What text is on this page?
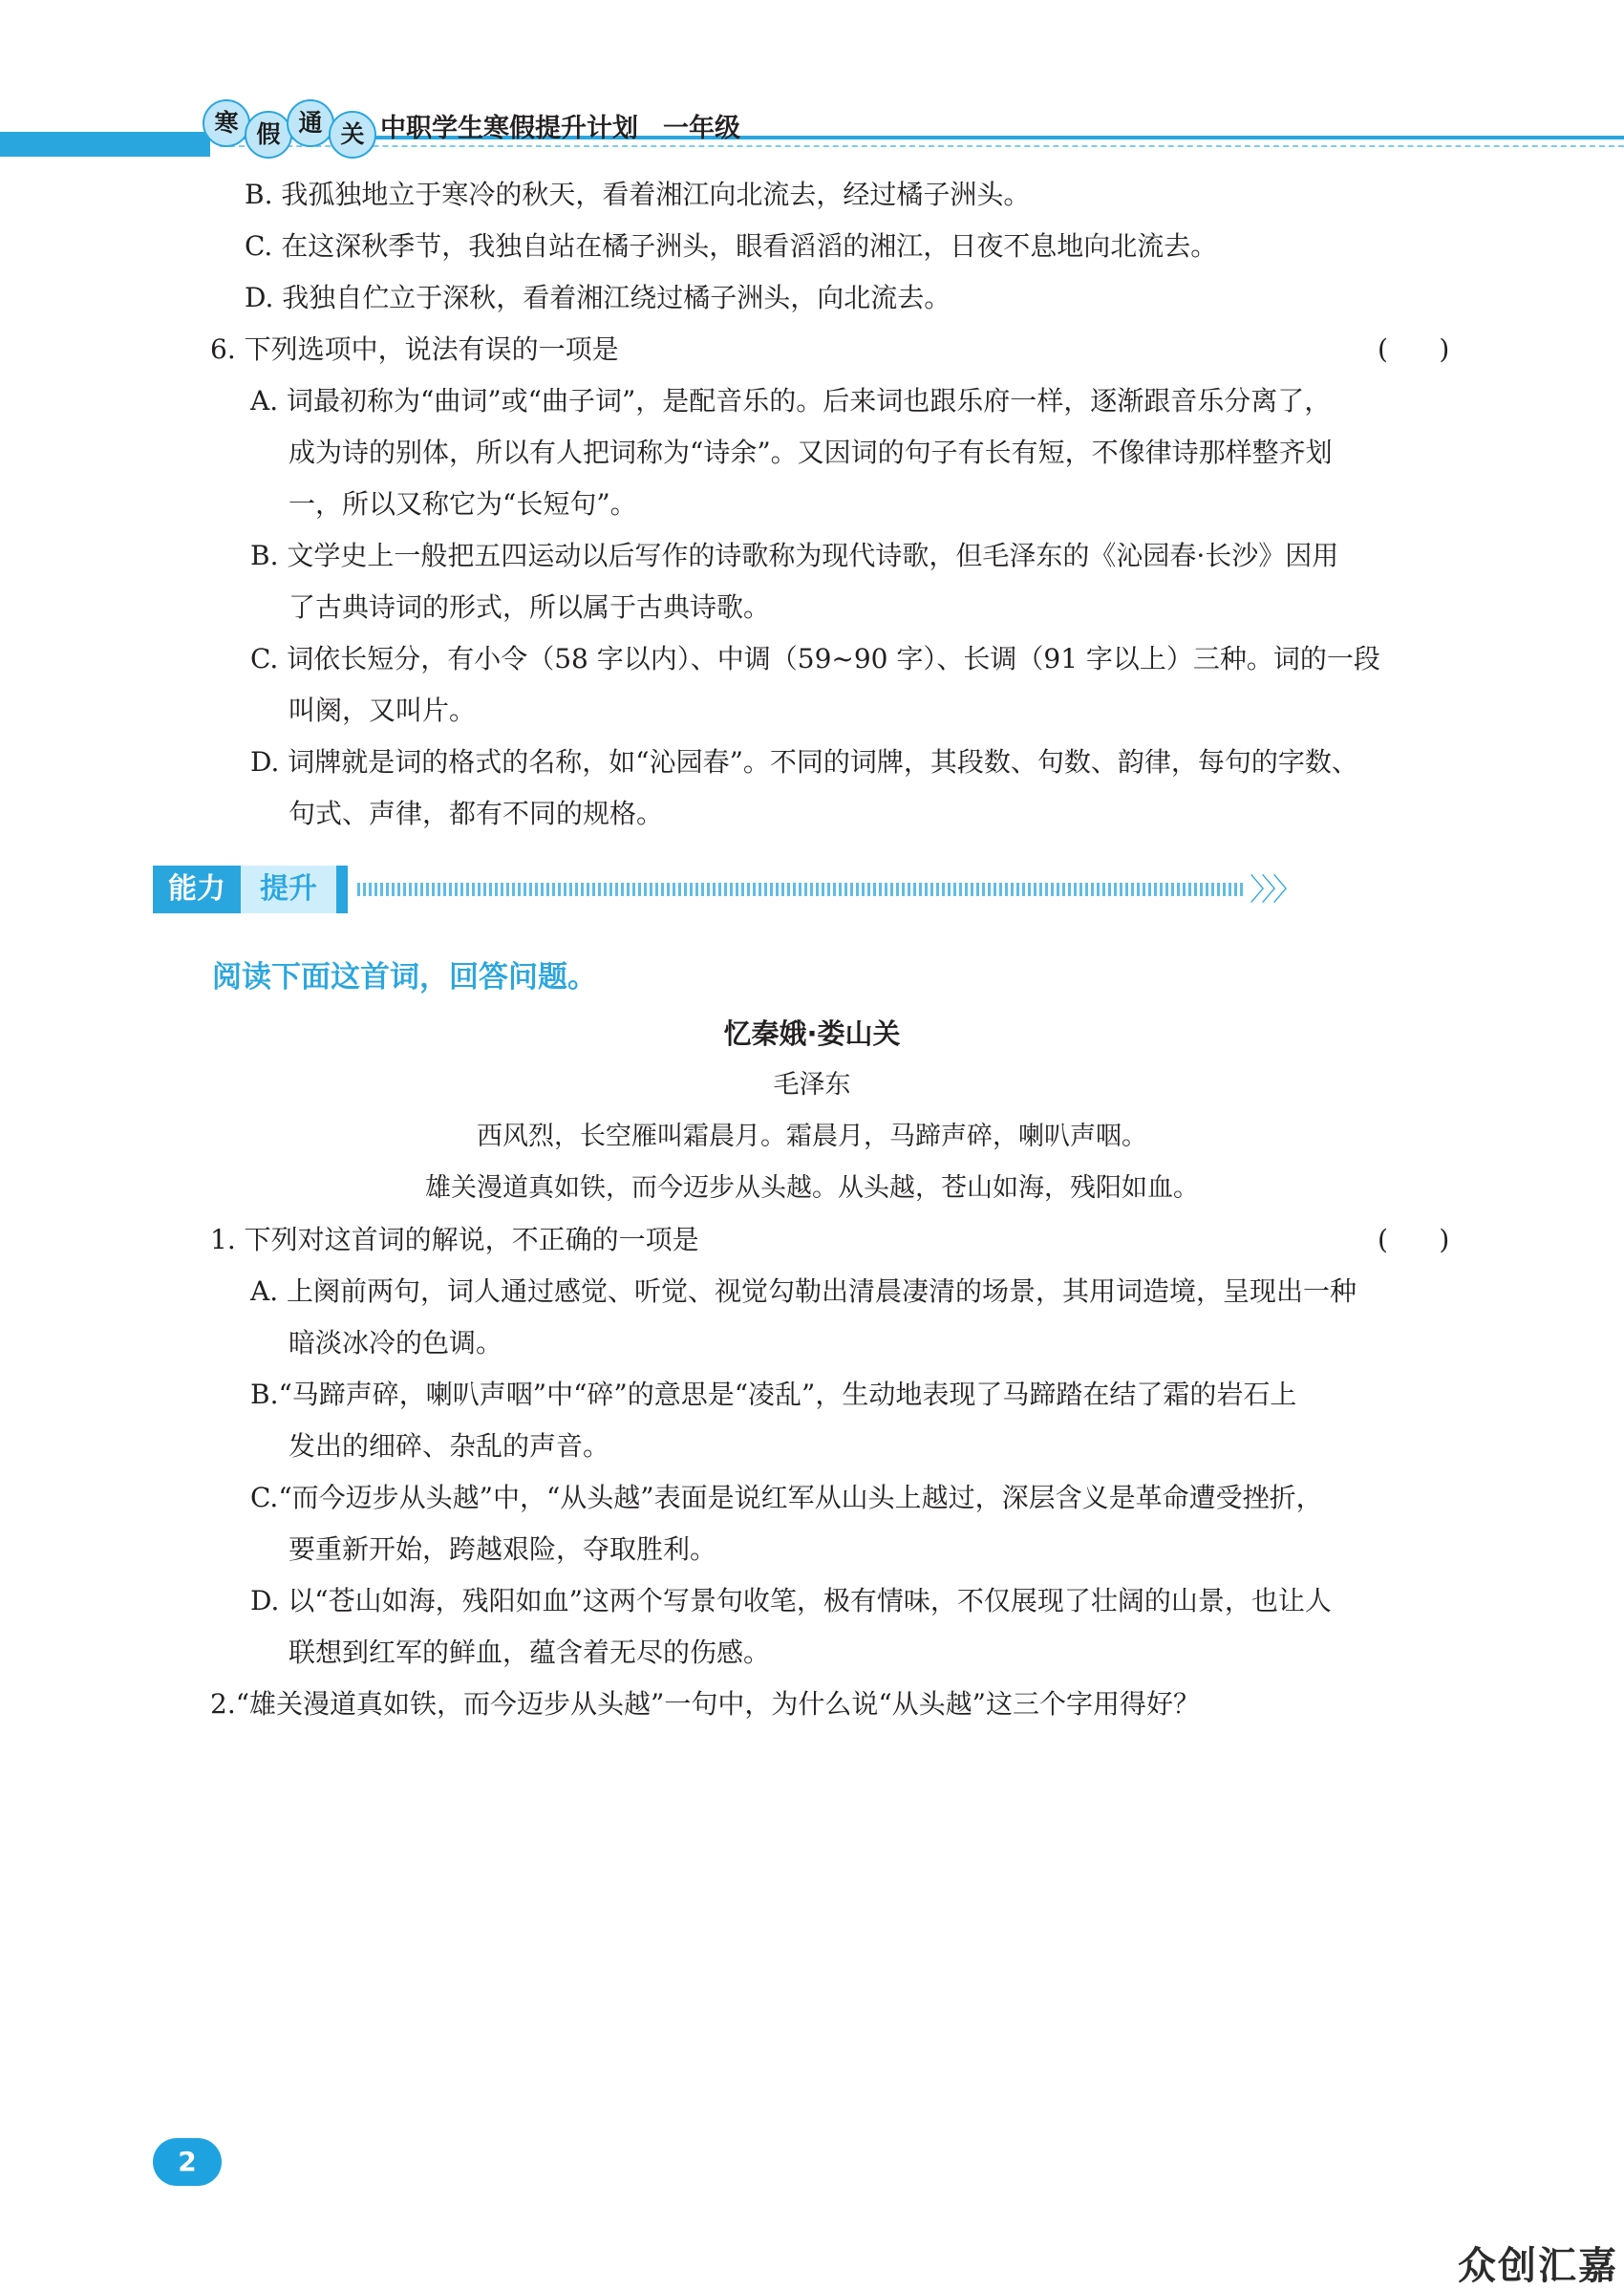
寒 假 通 关 中职学生寒假提升计划 一年级
B. 我孤独地立于寒冷的秋天，看着湘江向北流去，经过橘子洲头。
C. 在这深秋季节，我独自站在橘子洲头，眼看滔滔的湘江，日夜不息地向北流去。
D. 我独自伫立于深秋，看着湘江绕过橘子洲头，向北流去。
6. 下列选项中，说法有误的一项是	(      )
A. 词最初称为“曲词”或“曲子词”，是配音乐的。后来词也跟乐府一样，逐渐跟音乐分离了，
成为诗的别体，所以有人把词称为“诗余”。又因词的句子有长有短，不像律诗那样整齐划
一，所以又称它为“长短句”。
B. 文学史上一般把五四运动以后写作的诗歌称为现代诗歌，但毛泽东的《沁园春·长沙》因用
了古典诗词的形式，所以属于古典诗歌。
C. 词依长短分，有小令（58 字以内）、中调（59~90 字）、长调（91 字以上）三种。词的一段
叫阕，又叫片。
D. 词牌就是词的格式的名称，如“沁园春”。不同的词牌，其段数、句数、韵律，每句的字数、
句式、声律，都有不同的规格。
能力	提升	〉〉〉
阅读下面这首词，回答问题。
忆秦娥·娄山关
毛泽东
西风烈，长空雁叫霜晨月。霜晨月，马蹄声碎，喇叭声咽。
雄关漫道真如铁，而今迈步从头越。从头越，苍山如海，残阳如血。
1. 下列对这首词的解说，不正确的一项是	(      )
A. 上阕前两句，词人通过感觉、听觉、视觉勾勒出清晨凄清的场景，其用词造境，呈现出一种
暗淡冰冷的色调。
B.“马蹄声碎，喇叭声咽”中“碎”的意思是“凌乱”，生动地表现了马蹄踏在结了霜的岩石上
发出的细碎、杂乱的声音。
C.“而今迈步从头越”中，“从头越”表面是说红军从山头上越过，深层含义是革命遭受挫折，
要重新开始，跨越艰险，夺取胜利。
D. 以“苍山如海，残阳如血”这两个写景句收笔，极有情味，不仅展现了壮阔的山景，也让人
联想到红军的鲜血，蕴含着无尽的伤感。
2.“雄关漫道真如铁，而今迈步从头越”一句中，为什么说“从头越”这三个字用得好？
2
众创汇嘉
